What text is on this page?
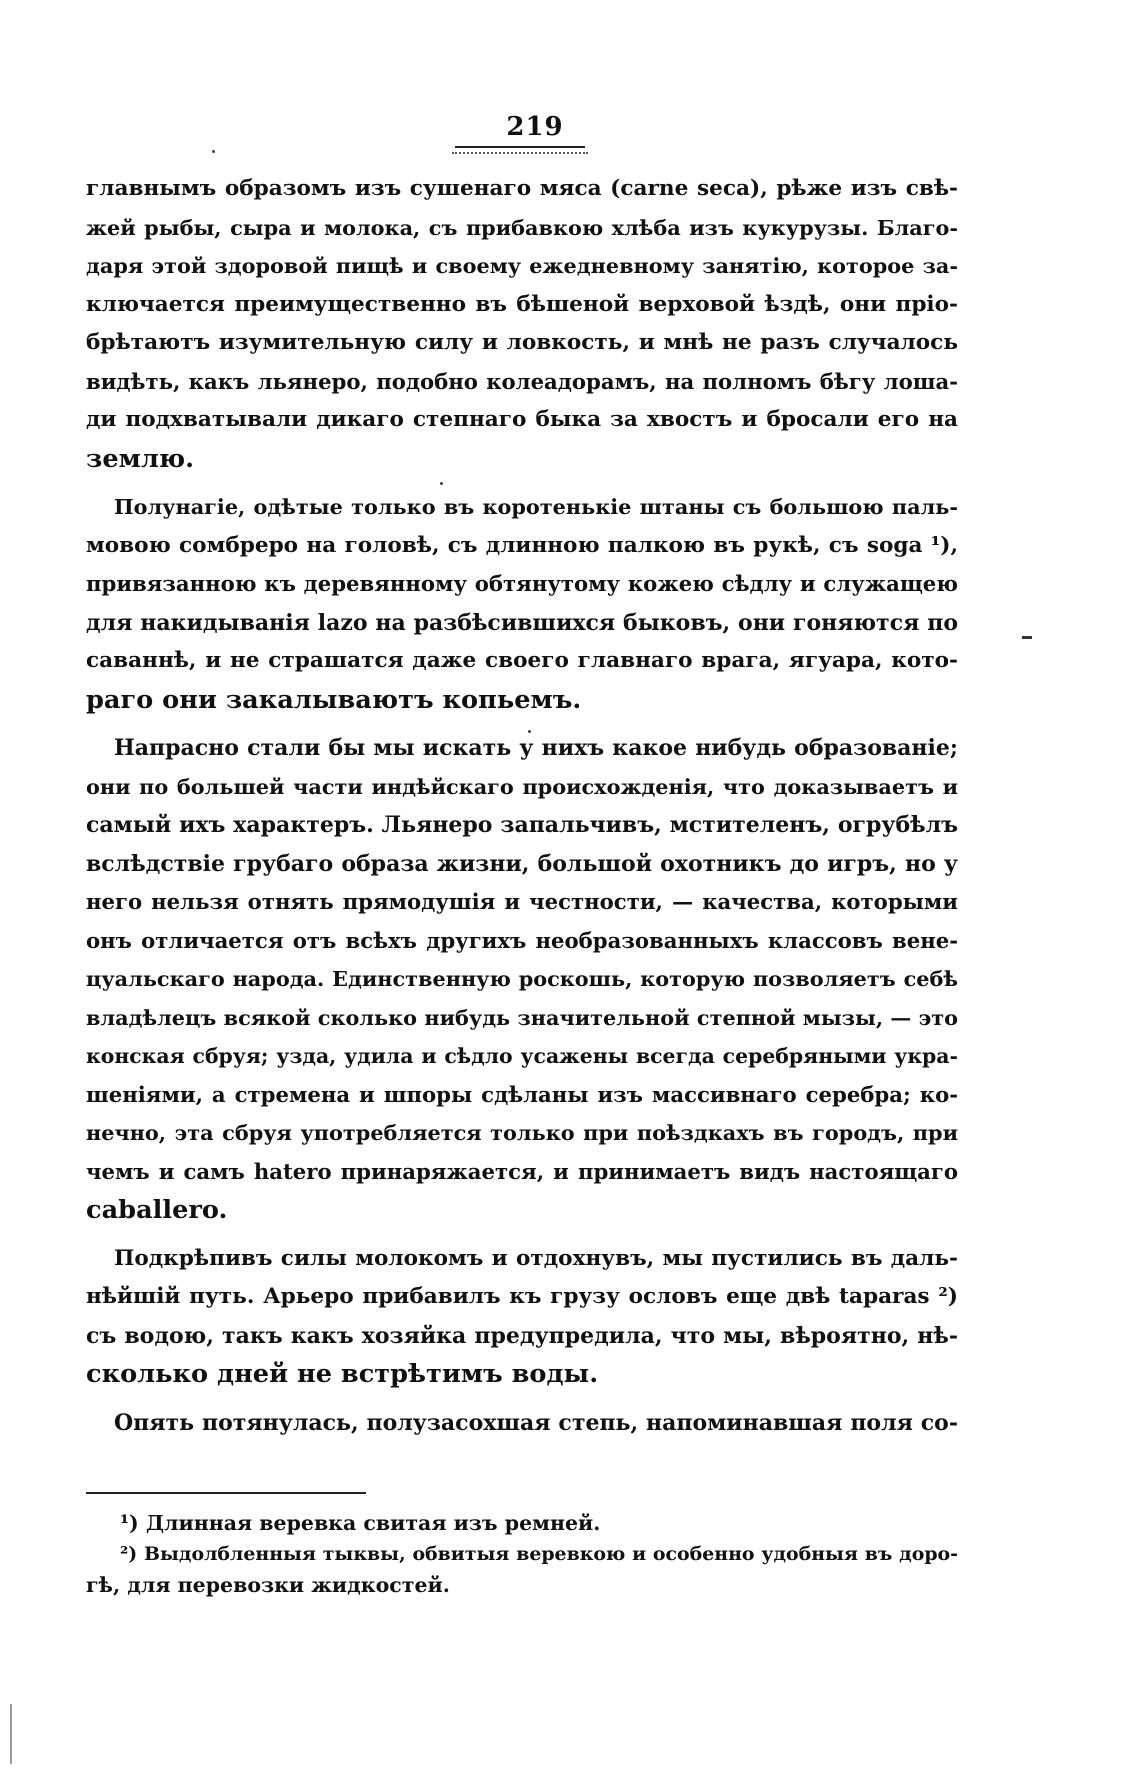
219
главнымъ образомъ изъ сушенаго мяса (carne seca), рѣже изъ свѣ-
жей рыбы, сыра и молока, съ прибавкою хлѣба изъ кукурузы. Благо-
даря этой здоровой пищѣ и своему ежедневному занятію, которое за-
ключается преимущественно въ бѣшеной верховой ѣздѣ, они пріо-
брѣтаютъ изумительную силу и ловкость, и мнѣ не разъ случалось
видѣть, какъ льянеро, подобно колеадорамъ, на полномъ бѣгу лоша-
ди подхватывали дикаго степнаго быка за хвостъ и бросали его на
землю.
Полунагіе, одѣтые только въ коротенькіе штаны съ большою паль-
мовою сомбреро на головѣ, съ длинною палкою въ рукѣ, съ soga ¹),
привязанною къ деревянному обтянутому кожею сѣдлу и служащею
для накидыванія lazo на разбѣсившихся быковъ, они гоняются по
саваннѣ, и не страшатся даже своего главнаго врага, ягуара, кото-
раго они закалываютъ копьемъ.
Напрасно стали бы мы искать у нихъ какое нибудь образованіе;
они по большей части индѣйскаго происхожденія, что доказываетъ и
самый ихъ характеръ. Льянеро запальчивъ, мстителенъ, огрубѣлъ
вслѣдствіе грубаго образа жизни, большой охотникъ до игръ, но у
него нельзя отнять прямодушія и честности, — качества, которыми
онъ отличается отъ всѣхъ другихъ необразованныхъ классовъ вене-
цуальскаго народа. Единственную роскошь, которую позволяетъ себѣ
владѣлецъ всякой сколько нибудь значительной степной мызы, — это
конская сбруя; узда, удила и сѣдло усажены всегда серебряными укра-
шеніями, а стремена и шпоры сдѣланы изъ массивнаго серебра; ко-
нечно, эта сбруя употребляется только при поѣздкахъ въ городъ, при
чемъ и самъ hatero принаряжается, и принимаетъ видъ настоящаго
caballero.
Подкрѣпивъ силы молокомъ и отдохнувъ, мы пустились въ даль-
нѣйшій путь. Арьеро прибавилъ къ грузу ословъ еще двѣ taparas ²)
съ водою, такъ какъ хозяйка предупредила, что мы, вѣроятно, нѣ-
сколько дней не встрѣтимъ воды.
Опять потянулась, полузасохшая степь, напоминавшая поля со-
¹) Длинная веревка свитая изъ ремней.
²) Выдолбленныя тыквы, обвитыя веревкою и особенно удобныя въ доро-
гѣ, для перевозки жидкостей.
